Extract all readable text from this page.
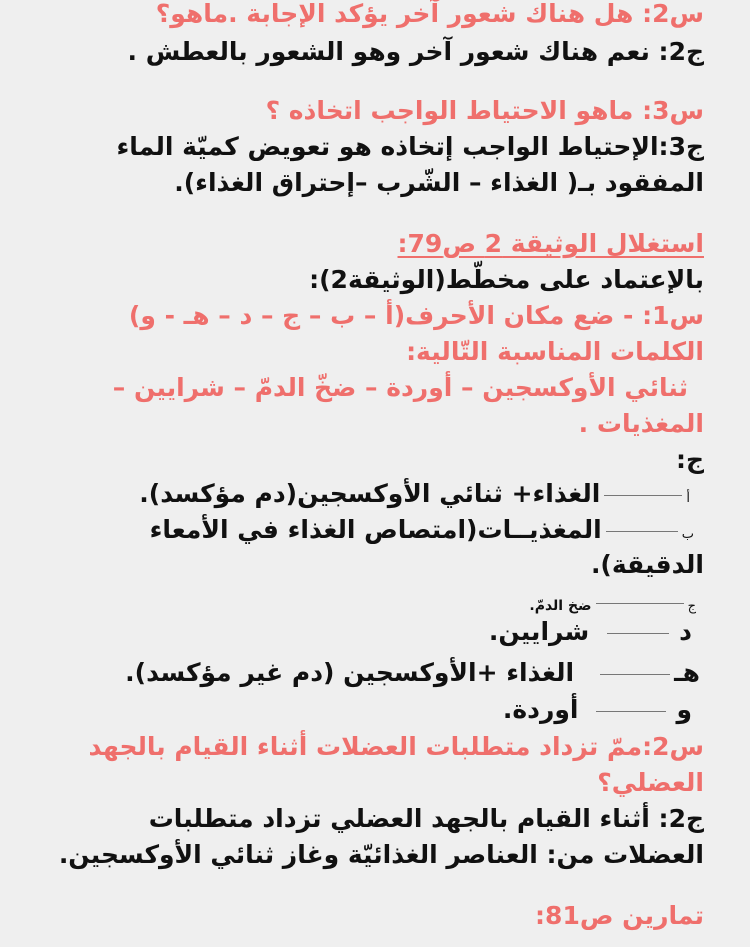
س2: هل هناك شعور آخر يؤكد الإجابة .ماهو؟
ج2: نعم هناك شعور آخر وهو الشعور بالعطش .
س3: ماهو الاحتياط الواجب اتخاذه ؟
ج3:الإحتياط الواجب إتخاذه هو تعويض كميّة الماء
المفقود بـ( الغذاء – الشّرب –إحتراق الغذاء).
استغلال الوثيقة 2 ص79:
بالإعتماد على مخطّط(الوثيقة2):
س1: - ضع مكان الأحرف(أ – ب – ج – د – هـ - و)
الكلمات المناسبة التّالية:
ثنائي الأوكسجين – أوردة – ضخّ الدمّ – شرايين –
المغذيات .
ج:
أالغذاء+ ثنائي الأوكسجين(دم مؤكسد).
بالمغذيــات(امتصاص الغذاء في الأمعاء
الدقيقة).
جضخ الدمّ.
دشرايين.
هـالغذاء +الأوكسجين (دم غير مؤكسد).
وأوردة.
س2:ممّ تزداد متطلبات العضلات أثناء القيام بالجهد
العضلي؟
ج2: أثناء القيام بالجهد العضلي تزداد متطلبات
العضلات من: العناصر الغذائيّة وغاز ثنائي الأوكسجين.
تمارين ص81:
